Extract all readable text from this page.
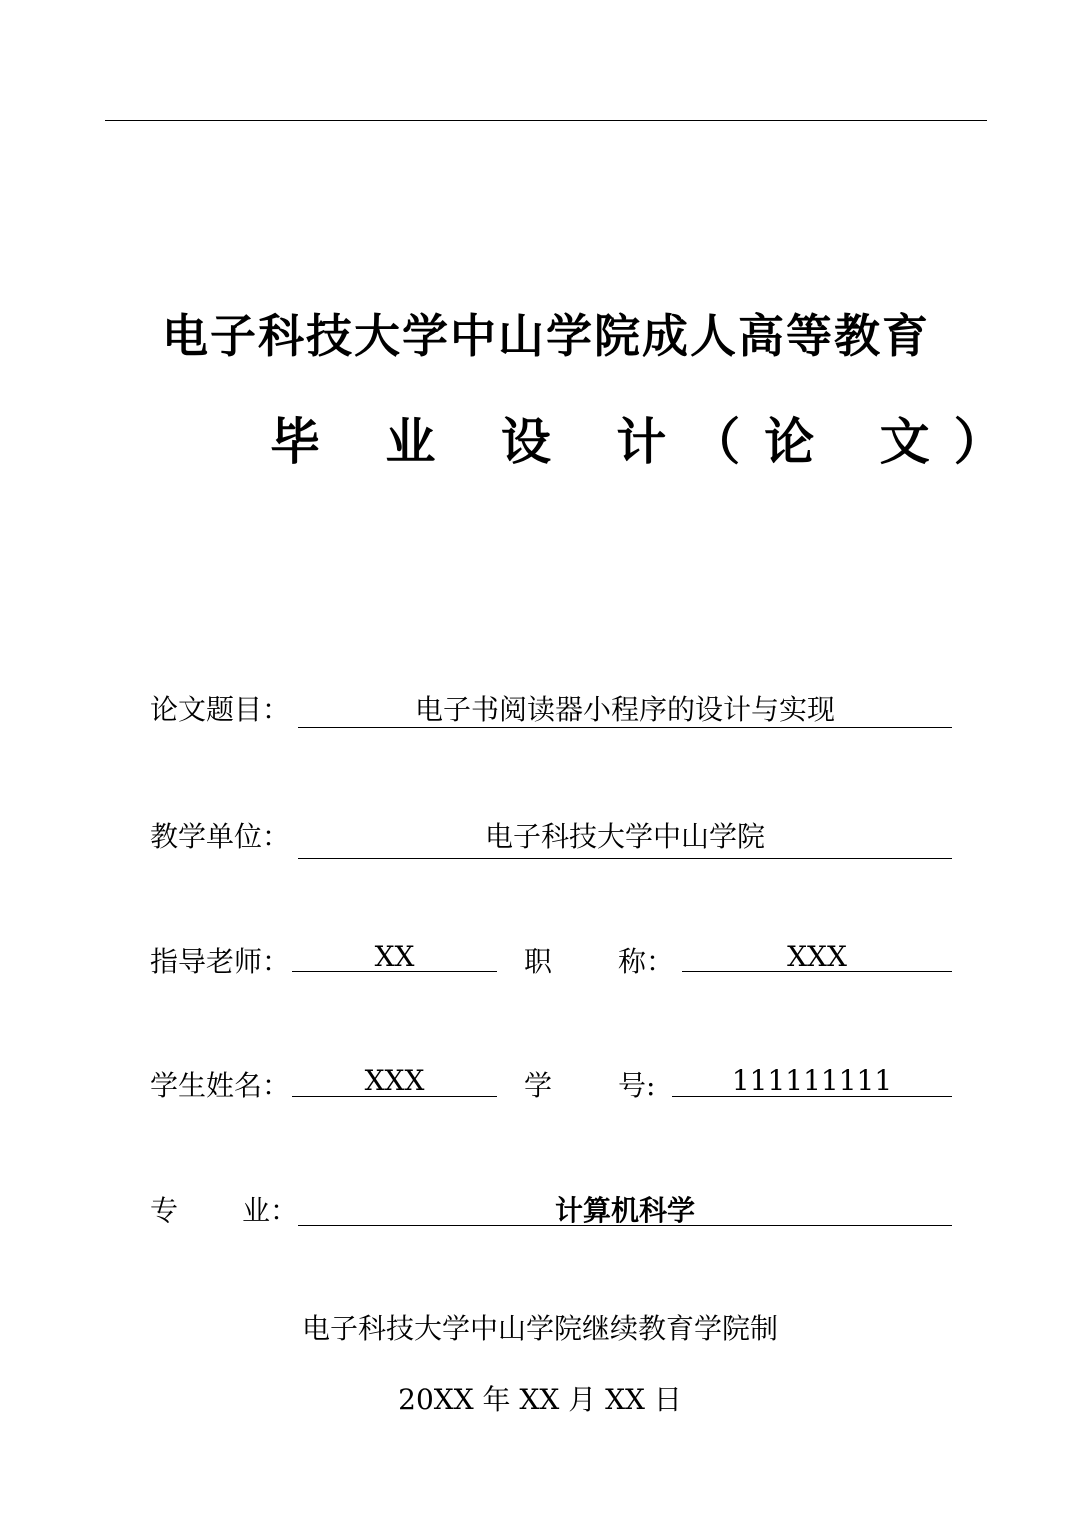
电子科技大学中山学院成人高等教育
毕 业 设 计（论 文）
论文题目：	电子书阅读器小程序的设计与实现
教学单位：	电子科技大学中山学院
指导老师：	XX	职 称：	XXX
学生姓名：	XXX	学 号:	111111111
专 业：	计算机科学
电子科技大学中山学院继续教育学院制
20XX 年 XX 月 XX 日
